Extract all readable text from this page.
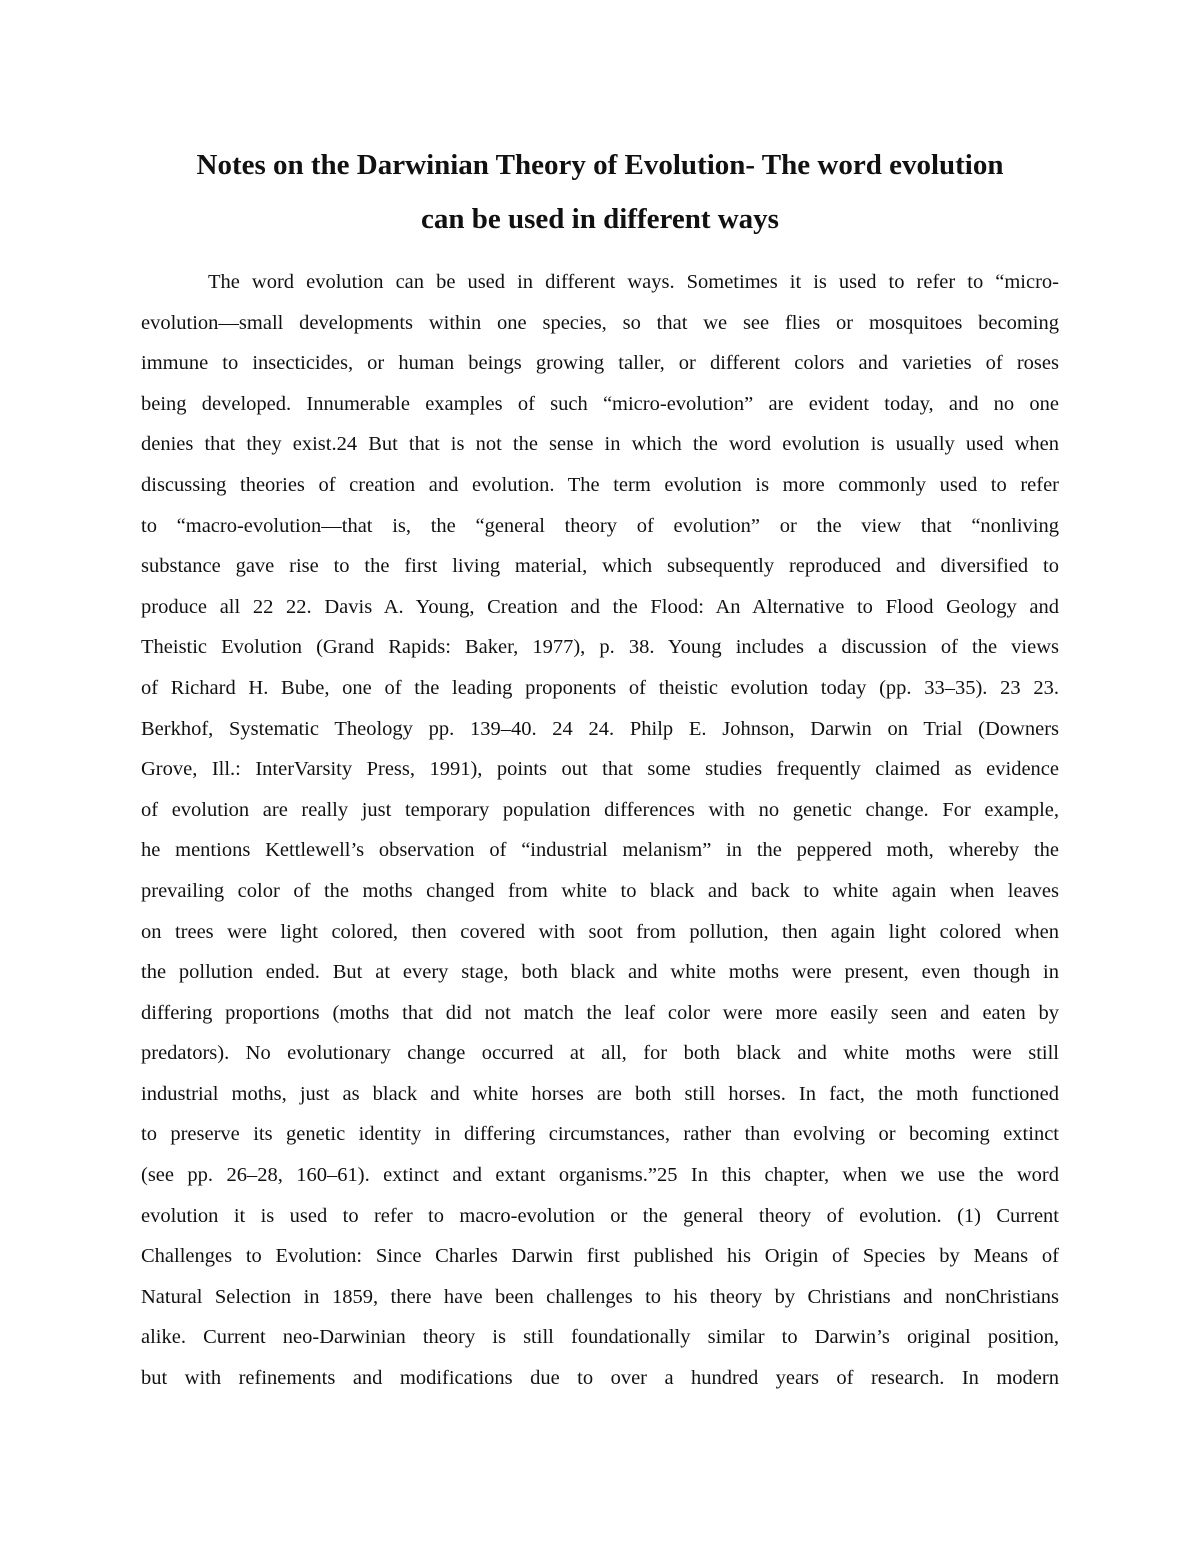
Notes on the Darwinian Theory of Evolution- The word evolution
can be used in different ways
The word evolution can be used in different ways. Sometimes it is used to refer to “micro-
evolution—small developments within one species, so that we see flies or mosquitoes becoming
immune to insecticides, or human beings growing taller, or different colors and varieties of roses
being developed. Innumerable examples of such “micro-evolution” are evident today, and no one
denies that they exist.24 But that is not the sense in which the word evolution is usually used when
discussing theories of creation and evolution. The term evolution is more commonly used to refer
to “macro-evolution—that is, the “general theory of evolution” or the view that “nonliving
substance gave rise to the first living material, which subsequently reproduced and diversified to
produce all 22 22. Davis A. Young, Creation and the Flood: An Alternative to Flood Geology and
Theistic Evolution (Grand Rapids: Baker, 1977), p. 38. Young includes a discussion of the views
of Richard H. Bube, one of the leading proponents of theistic evolution today (pp. 33–35). 23 23.
Berkhof, Systematic Theology pp. 139–40. 24 24. Philp E. Johnson, Darwin on Trial (Downers
Grove, Ill.: InterVarsity Press, 1991), points out that some studies frequently claimed as evidence
of evolution are really just temporary population differences with no genetic change. For example,
he mentions Kettlewell’s observation of “industrial melanism” in the peppered moth, whereby the
prevailing color of the moths changed from white to black and back to white again when leaves
on trees were light colored, then covered with soot from pollution, then again light colored when
the pollution ended. But at every stage, both black and white moths were present, even though in
differing proportions (moths that did not match the leaf color were more easily seen and eaten by
predators). No evolutionary change occurred at all, for both black and white moths were still
industrial moths, just as black and white horses are both still horses. In fact, the moth functioned
to preserve its genetic identity in differing circumstances, rather than evolving or becoming extinct
(see pp. 26–28, 160–61). extinct and extant organisms.”25 In this chapter, when we use the word
evolution it is used to refer to macro-evolution or the general theory of evolution. (1) Current
Challenges to Evolution: Since Charles Darwin first published his Origin of Species by Means of
Natural Selection in 1859, there have been challenges to his theory by Christians and nonChristians
alike. Current neo-Darwinian theory is still foundationally similar to Darwin’s original position,
but with refinements and modifications due to over a hundred years of research. In modern
